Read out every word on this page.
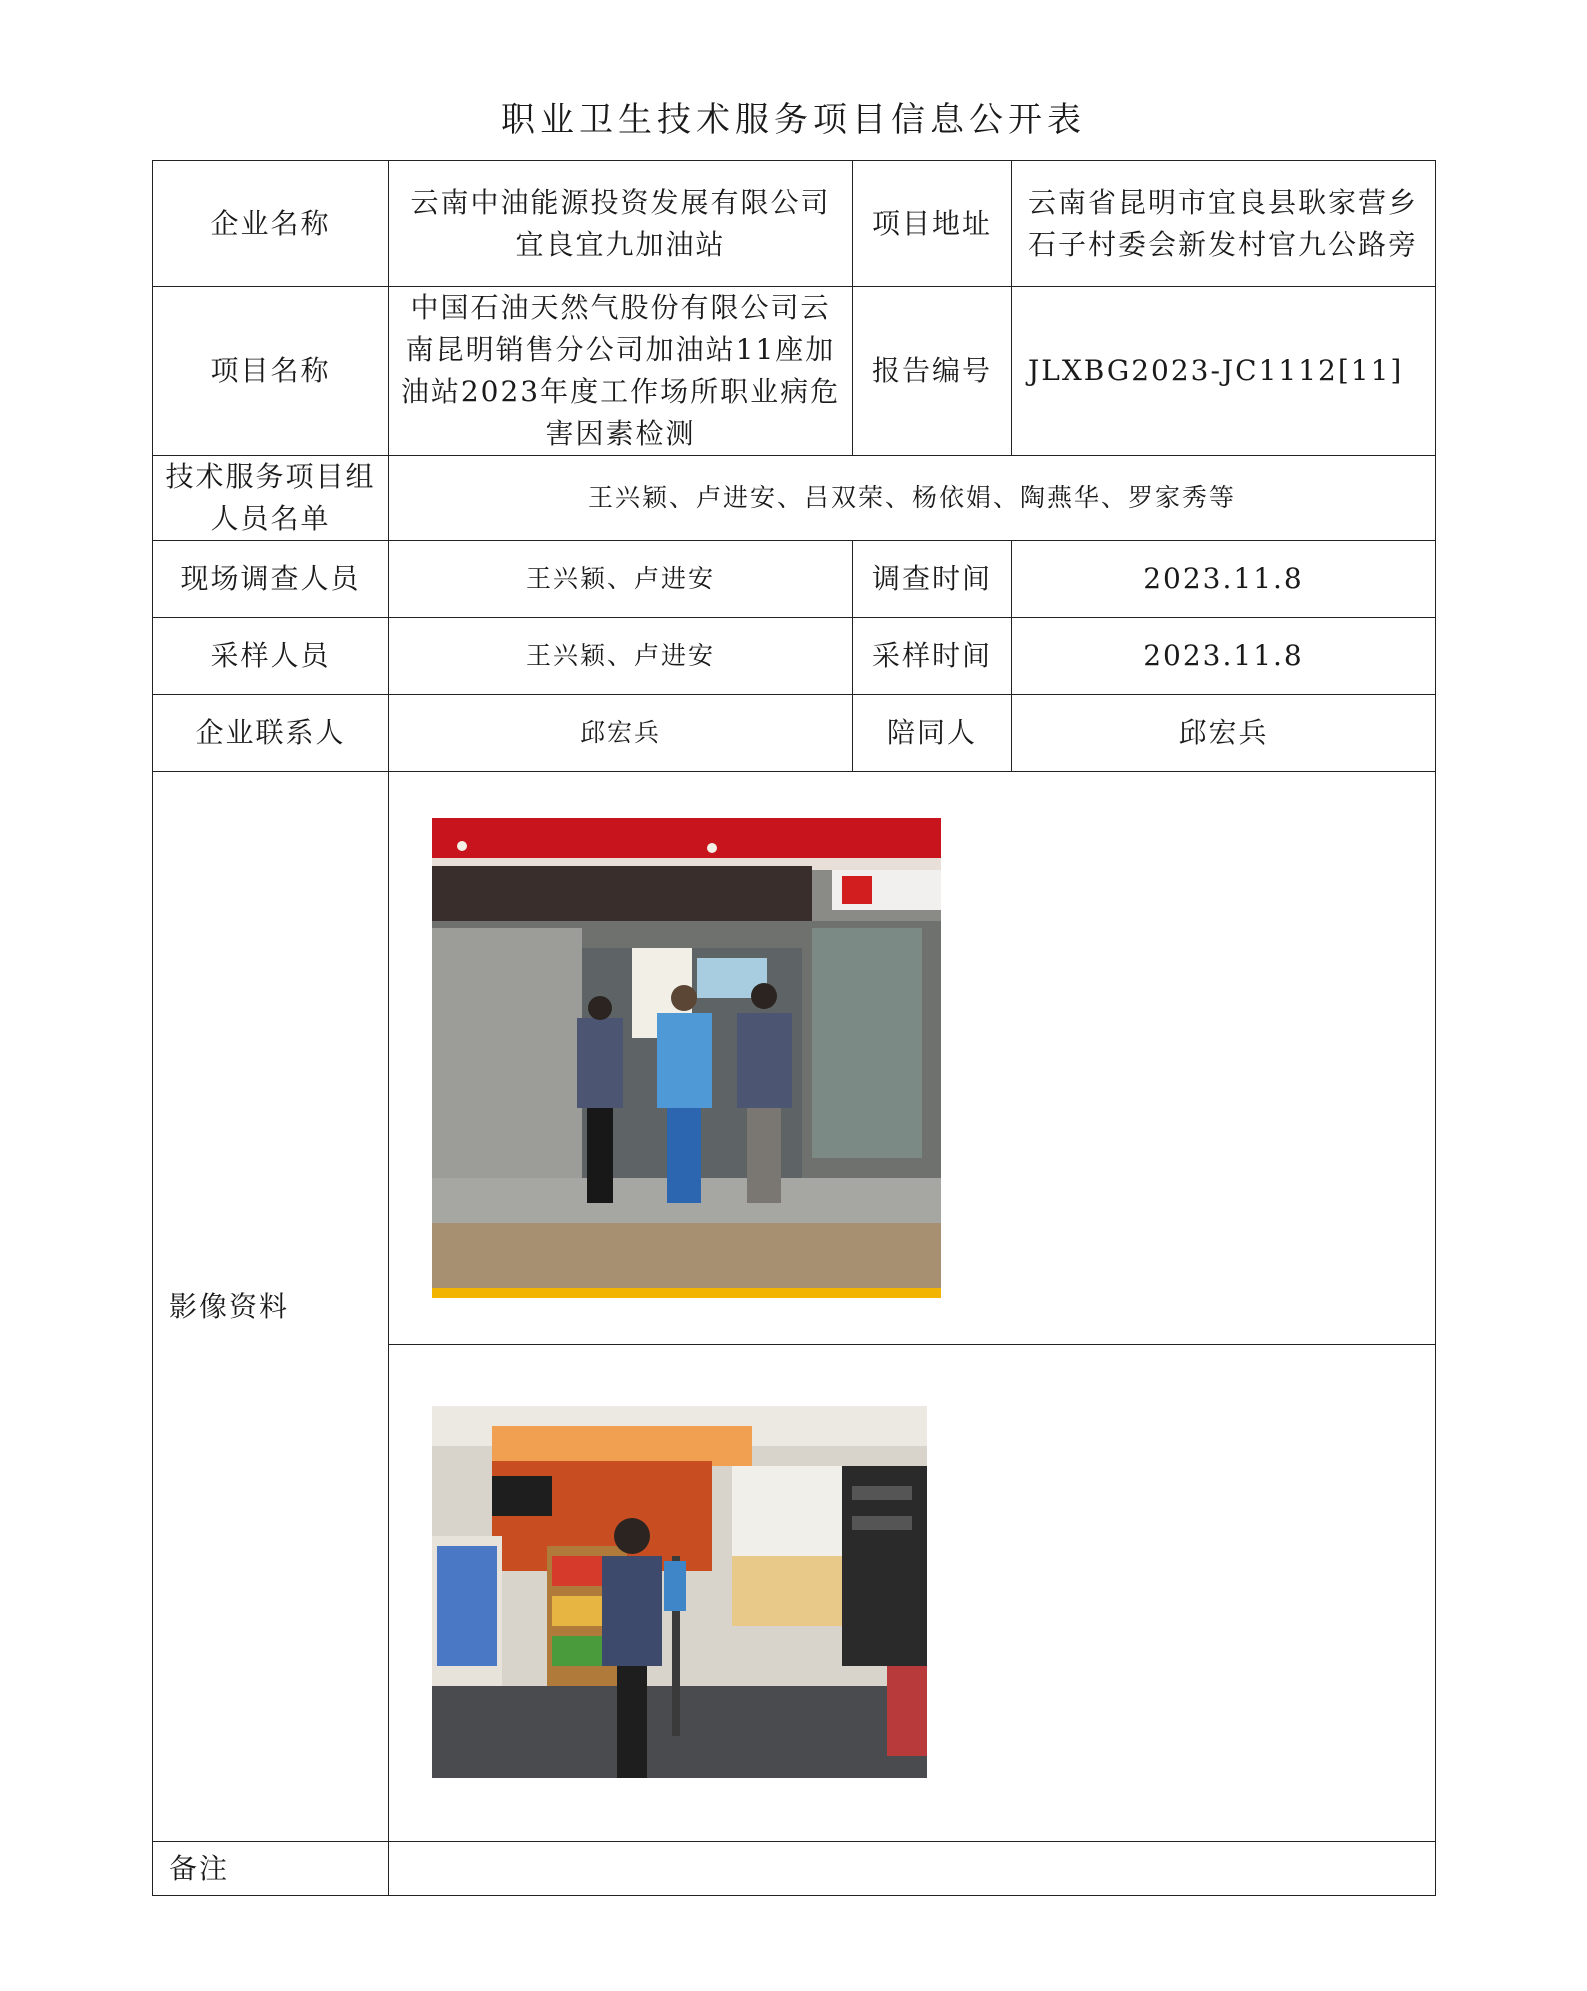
职业卫生技术服务项目信息公开表
企业名称	云南中油能源投资发展有限公司宜良宜九加油站	项目地址	云南省昆明市宜良县耿家营乡石子村委会新发村官九公路旁
项目名称	中国石油天然气股份有限公司云南昆明销售分公司加油站11座加油站2023年度工作场所职业病危害因素检测	报告编号	JLXBG2023-JC1112[11]
技术服务项目组人员名单	王兴颖、卢进安、吕双荣、杨依娟、陶燕华、罗家秀等		
现场调查人员	王兴颖、卢进安	调查时间	2023.11.8
采样人员	王兴颖、卢进安	采样时间	2023.11.8
企业联系人	邱宏兵	陪同人	邱宏兵
影像资料	

备注			
